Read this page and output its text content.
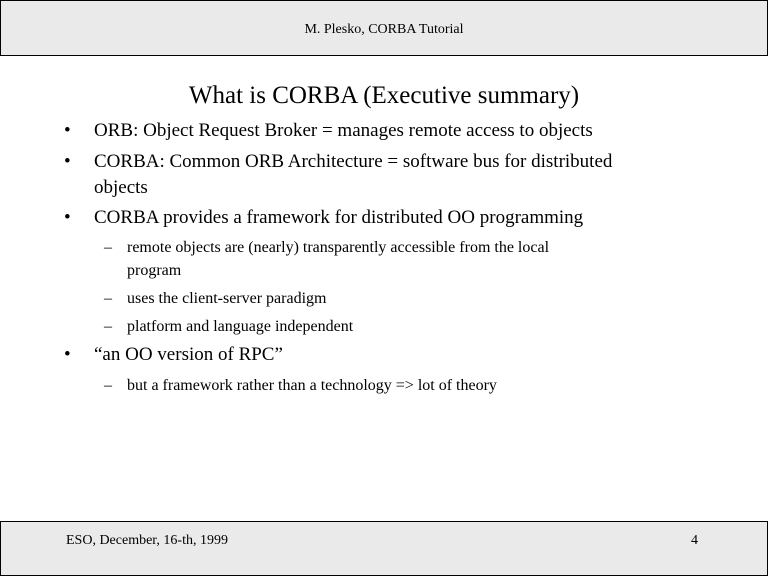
M. Plesko, CORBA Tutorial
What is CORBA (Executive summary)
• ORB: Object Request Broker = manages remote access to objects
• CORBA: Common ORB Architecture = software bus for distributed
objects
• CORBA provides a framework for distributed OO programming
– remote objects are (nearly) transparently accessible from the local
program
– uses the client-server paradigm
– platform and language independent
• “an OO version of RPC”
– but a framework rather than a technology => lot of theory
ESO, December, 16-th, 1999	4
